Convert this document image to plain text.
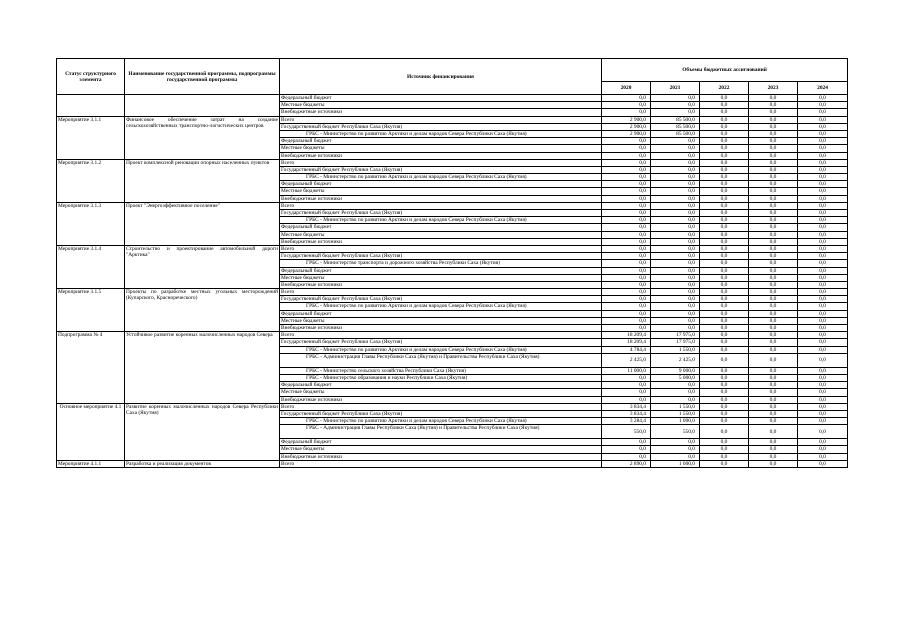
Статус структурного элемента	Наименование государственной программы, подпрограммы государственной программы	Источник финансирования	Объемы бюджетных ассигнований				
			2020	2021	2022	2023	2024
		Федеральный бюджет	0,0	0,0	0,0	0,0	0,0
		Местные бюджеты	0,0	0,0	0,0	0,0	0,0
		Внебюджетные источники	0,0	0,0	0,0	0,0	0,0
Мероприятие 3.1.1	Финансовое обеспечение затрат на создание сельскохозяйственных транспортно-логистических центров	Всего	2 900,0	85 500,0	0,0	0,0	0,0
		Государственный бюджет Республики Саха (Якутия)	2 900,0	85 500,0	0,0	0,0	0,0
		ГРБС - Министерство по развитию Арктики и делам народов Севера Республики Саха (Якутия)	2 900,0	85 500,0	0,0	0,0	0,0
		Федеральный бюджет	0,0	0,0	0,0	0,0	0,0
		Местные бюджеты	0,0	0,0	0,0	0,0	0,0
		Внебюджетные источники	0,0	0,0	0,0	0,0	0,0
Мероприятие 3.1.2	Проект комплексной реновации опорных населенных пунктов	Всего	0,0	0,0	0,0	0,0	0,0
		Государственный бюджет Республики Саха (Якутия)	0,0	0,0	0,0	0,0	0,0
		ГРБС - Министерство по развитию Арктики и делам народов Севера Республики Саха (Якутия)	0,0	0,0	0,0	0,0	0,0
		Федеральный бюджет	0,0	0,0	0,0	0,0	0,0
		Местные бюджеты	0,0	0,0	0,0	0,0	0,0
		Внебюджетные источники	0,0	0,0	0,0	0,0	0,0
Мероприятие 3.1.3	Проект "Энергоэффективное поселение"	Всего	0,0	0,0	0,0	0,0	0,0
		Государственный бюджет Республики Саха (Якутия)	0,0	0,0	0,0	0,0	0,0
		ГРБС - Министерство по развитию Арктики и делам народов Севера Республики Саха (Якутия)	0,0	0,0	0,0	0,0	0,0
		Федеральный бюджет	0,0	0,0	0,0	0,0	0,0
		Местные бюджеты	0,0	0,0	0,0	0,0	0,0
		Внебюджетные источники	0,0	0,0	0,0	0,0	0,0
Мероприятие 3.1.4	Строительство и проектирование автомобильной дороги "Арктика"	Всего	0,0	0,0	0,0	0,0	0,0
		Государственный бюджет Республики Саха (Якутия)	0,0	0,0	0,0	0,0	0,0
		ГРБС - Министерство транспорта и дорожного хозяйства Республики Саха (Якутия)	0,0	0,0	0,0	0,0	0,0
		Федеральный бюджет	0,0	0,0	0,0	0,0	0,0
		Местные бюджеты	0,0	0,0	0,0	0,0	0,0
		Внебюджетные источники	0,0	0,0	0,0	0,0	0,0
Мероприятие 3.1.5	Проекты по разработке местных угольных месторождений (Купарского, Краснореческого)	Всего	0,0	0,0	0,0	0,0	0,0
		Государственный бюджет Республики Саха (Якутия)	0,0	0,0	0,0	0,0	0,0
		ГРБС - Министерство по развитию Арктики и делам народов Севера Республики Саха (Якутия)	0,0	0,0	0,0	0,0	0,0
		Федеральный бюджет	0,0	0,0	0,0	0,0	0,0
		Местные бюджеты	0,0	0,0	0,0	0,0	0,0
		Внебюджетные источники	0,0	0,0	0,0	0,0	0,0
Подпрограмма № 4	Устойчивое развитие коренных малочисленных народов Севера	Всего	18 209,4	17 975,0	0,0	0,0	0,0
		Государственный бюджет Республики Саха (Якутия)	18 209,4	17 975,0	0,0	0,0	0,0
		ГРБС - Министерство по развитию Арктики и делам народов Севера Республики Саха (Якутия)	4 784,4	1 550,0	0,0	0,0	0,0
		ГРБС - Администрация Главы Республики Саха (Якутия) и Правительства Республики Саха (Якутия)	2 425,0	2 425,0	0,0	0,0	0,0
		ГРБС - Министерство сельского хозяйства Республики Саха (Якутия)	11 000,0	9 000,0	0,0	0,0	0,0
		ГРБС - Министерство образования и науки Республики Саха (Якутия)	0,0	5 000,0	0,0	0,0	0,0
		Федеральный бюджет	0,0	0,0	0,0	0,0	0,0
		Местные бюджеты	0,0	0,0	0,0	0,0	0,0
		Внебюджетные источники	0,0	0,0	0,0	0,0	0,0
Основное мероприятие 4.1	Развитие коренных малочисленных народов Севера Республики Саха (Якутия)	Всего	3 834,4	1 550,0	0,0	0,0	0,0
		Государственный бюджет Республики Саха (Якутия)	3 834,4	1 550,0	0,0	0,0	0,0
		ГРБС - Министерство по развитию Арктики и делам народов Севера Республики Саха (Якутия)	3 284,4	1 000,0	0,0	0,0	0,0
		ГРБС - Администрация Главы Республики Саха (Якутия) и Правительства Республики Саха (Якутия)	550,0	550,0	0,0	0,0	0,0
		Федеральный бюджет	0,0	0,0	0,0	0,0	0,0
		Местные бюджеты	0,0	0,0	0,0	0,0	0,0
		Внебюджетные источники	0,0	0,0	0,0	0,0	0,0
Мероприятие 4.1.1	Разработка и реализация документов	Всего	2 890,0	1 000,0	0,0	0,0	0,0
